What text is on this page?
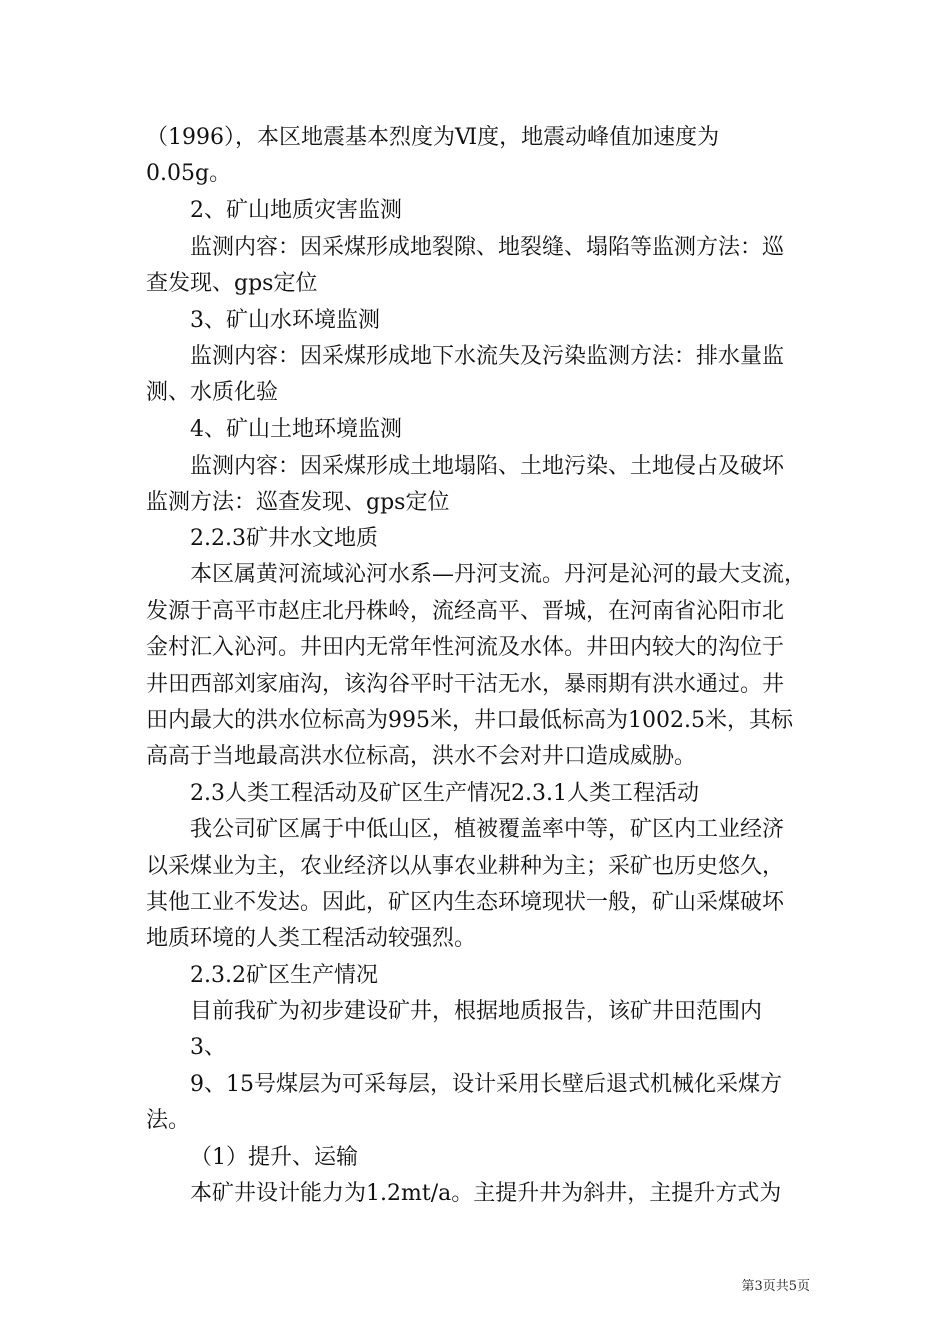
（1996），本区地震基本烈度为Ⅵ度，地震动峰值加速度为
0.05g。
2、矿山地质灾害监测
监测内容：因采煤形成地裂隙、地裂缝、塌陷等监测方法：巡
查发现、gps定位
3、矿山水环境监测
监测内容：因采煤形成地下水流失及污染监测方法：排水量监
测、水质化验
4、矿山土地环境监测
监测内容：因采煤形成土地塌陷、土地污染、土地侵占及破坏
监测方法：巡查发现、gps定位
2.2.3矿井水文地质
本区属黄河流域沁河水系—丹河支流。丹河是沁河的最大支流，
发源于高平市赵庄北丹株岭，流经高平、晋城，在河南省沁阳市北
金村汇入沁河。井田内无常年性河流及水体。井田内较大的沟位于
井田西部刘家庙沟，该沟谷平时干沽无水，暴雨期有洪水通过。井
田内最大的洪水位标高为995米，井口最低标高为1002.5米，其标
高高于当地最高洪水位标高，洪水不会对井口造成威胁。
2.3人类工程活动及矿区生产情况2.3.1人类工程活动
我公司矿区属于中低山区，植被覆盖率中等，矿区内工业经济
以采煤业为主，农业经济以从事农业耕种为主；采矿也历史悠久，
其他工业不发达。因此，矿区内生态环境现状一般，矿山采煤破坏
地质环境的人类工程活动较强烈。
2.3.2矿区生产情况
目前我矿为初步建设矿井，根据地质报告，该矿井田范围内
3、
9、15号煤层为可采每层，设计采用长壁后退式机械化采煤方
法。
（1）提升、运输
本矿井设计能力为1.2mt/a。主提升井为斜井，主提升方式为
第3页共5页
